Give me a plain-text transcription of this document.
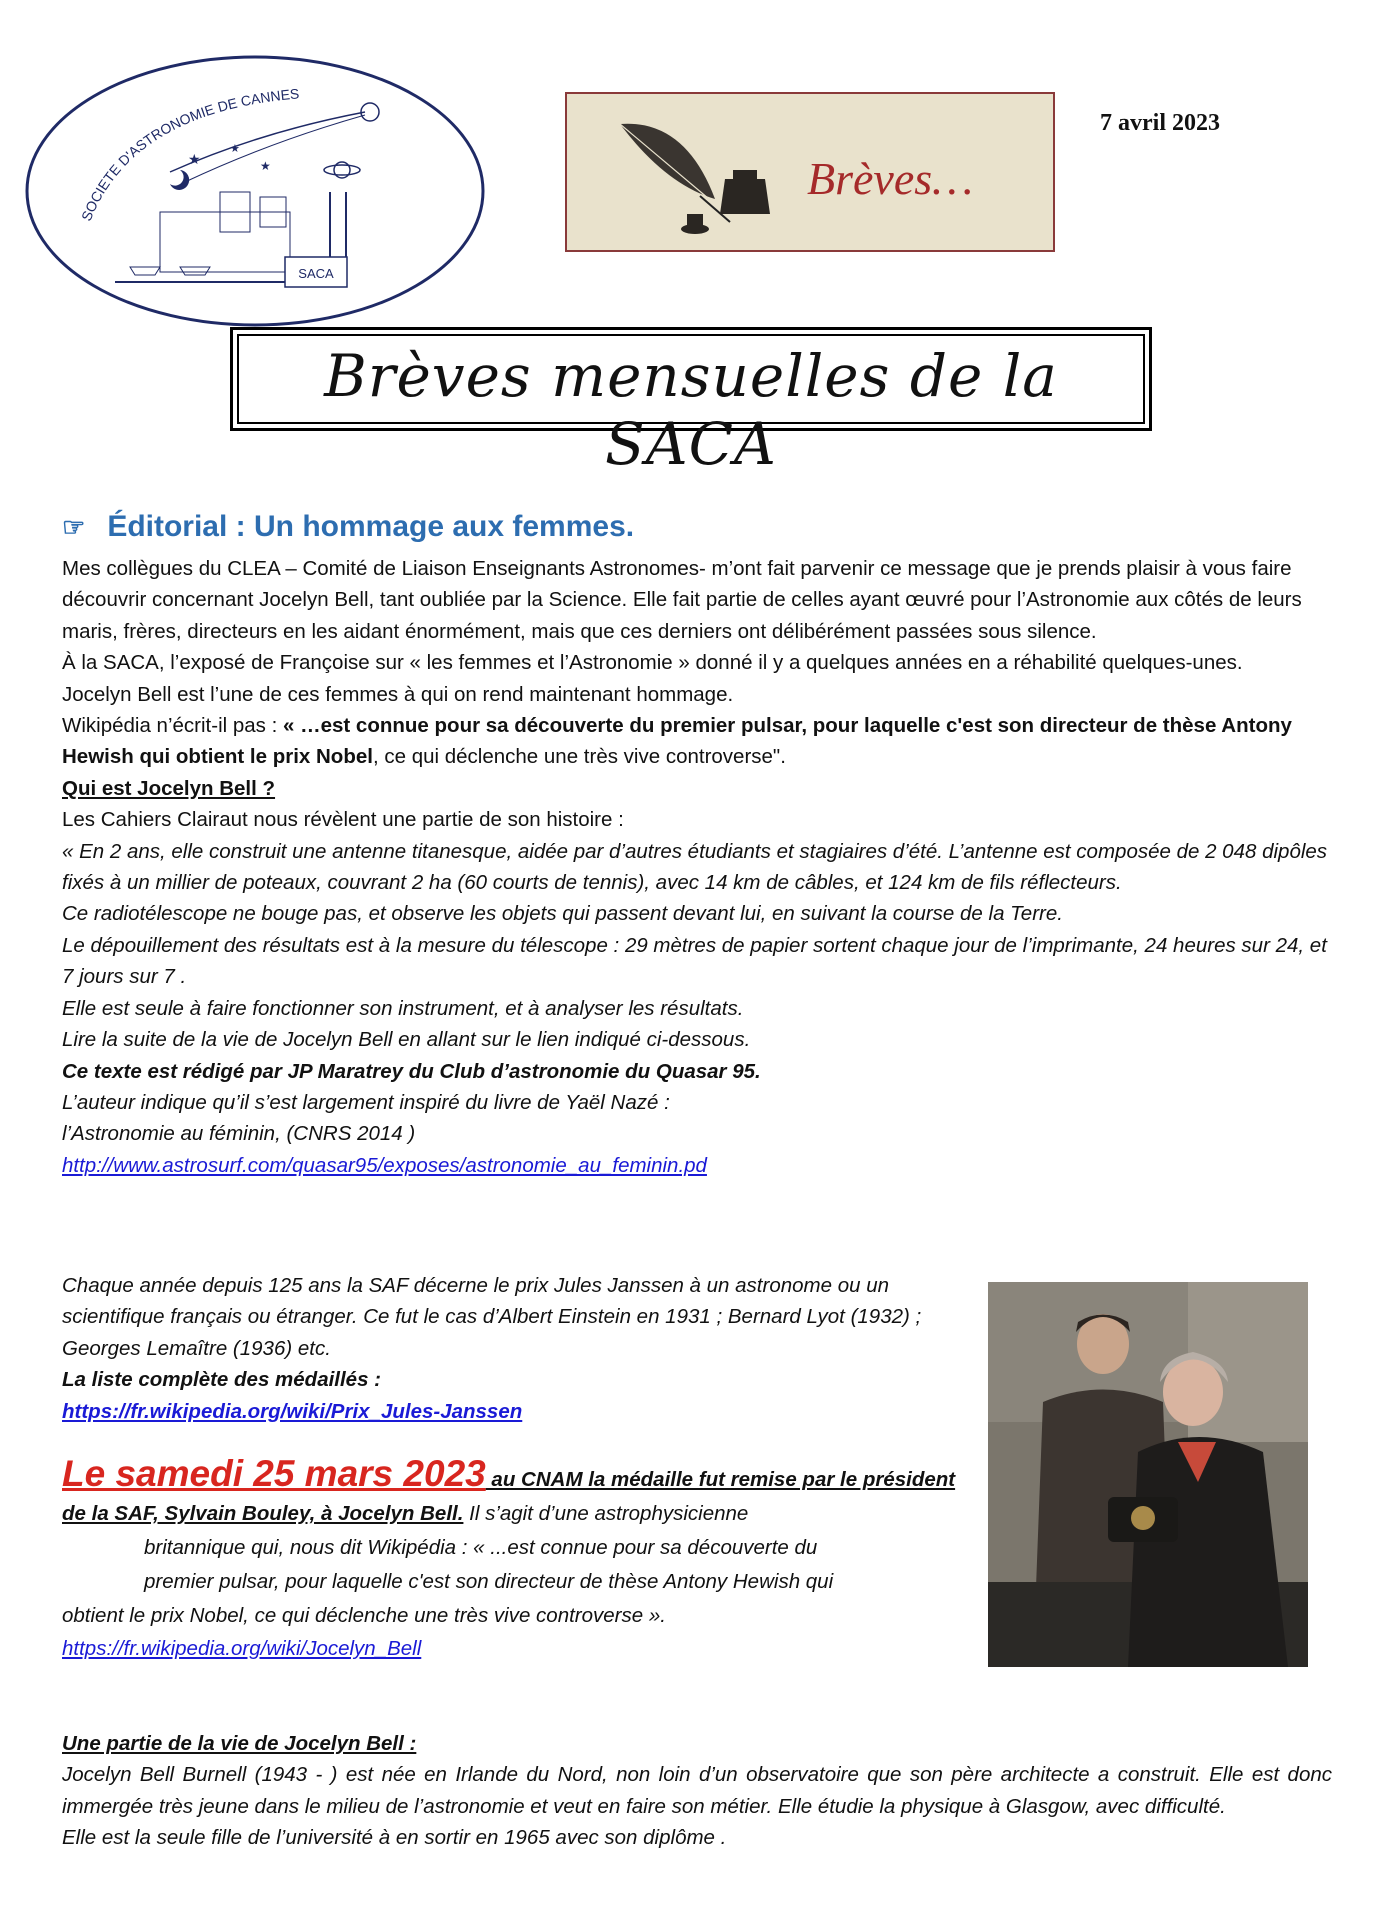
SOCIETE D'ASTRONOMIE DE CANNES
★
★
★
SACA
Brèves…
7 avril 2023
Brèves mensuelles de la SACA
☞ Éditorial : Un hommage aux femmes.
Mes collègues du CLEA – Comité de Liaison Enseignants Astronomes- m’ont fait parvenir ce message que je prends plaisir à vous faire découvrir concernant Jocelyn Bell, tant oubliée par la Science. Elle fait partie de celles ayant œuvré pour l’Astronomie aux côtés de leurs maris, frères, directeurs en les aidant énormément, mais que ces derniers ont délibérément passées sous silence.
À la SACA, l’exposé de Françoise sur « les femmes et l’Astronomie » donné il y a quelques années en a réhabilité quelques-unes.
Jocelyn Bell est l’une de ces femmes à qui on rend maintenant hommage.
Wikipédia n’écrit-il pas : « …est connue pour sa découverte du premier pulsar, pour laquelle c'est son directeur de thèse Antony Hewish qui obtient le prix Nobel, ce qui déclenche une très vive controverse".
Qui est Jocelyn Bell ?
Les Cahiers Clairaut nous révèlent une partie de son histoire :
« En 2 ans, elle construit une antenne titanesque, aidée par d’autres étudiants et stagiaires d’été. L’antenne est composée de 2 048 dipôles fixés à un millier de poteaux, couvrant 2 ha (60 courts de tennis), avec 14 km de câbles, et 124 km de fils réflecteurs.
Ce radiotélescope ne bouge pas, et observe les objets qui passent devant lui, en suivant la course de la Terre.
Le dépouillement des résultats est à la mesure du télescope : 29 mètres de papier sortent chaque jour de l’imprimante, 24 heures sur 24, et 7 jours sur 7 .
Elle est seule à faire fonctionner son instrument, et à analyser les résultats.
Lire la suite de la vie de Jocelyn Bell en allant sur le lien indiqué ci-dessous.
Ce texte est rédigé par JP Maratrey du Club d’astronomie du Quasar 95.
L’auteur indique qu’il s’est largement inspiré du livre de Yaël Nazé :
l’Astronomie au féminin, (CNRS 2014 )
http://www.astrosurf.com/quasar95/exposes/astronomie_au_feminin.pd
Chaque année depuis 125 ans la SAF décerne le prix Jules Janssen à un astronome ou un scientifique français ou étranger. Ce fut le cas d’Albert Einstein en 1931 ; Bernard Lyot (1932) ; Georges Lemaître (1936) etc.
La liste complète des médaillés :
https://fr.wikipedia.org/wiki/Prix_Jules-Janssen
Le samedi 25 mars 2023 au CNAM la médaille fut remise par le président de la SAF, Sylvain Bouley, à Jocelyn Bell. Il s’agit d’une astrophysicienne
britannique qui, nous dit Wikipédia : « ...est connue pour sa découverte du
premier pulsar, pour laquelle c'est son directeur de thèse Antony Hewish qui
obtient le prix Nobel, ce qui déclenche une très vive controverse ».
https://fr.wikipedia.org/wiki/Jocelyn_Bell
Une partie de la vie de Jocelyn Bell :
Jocelyn Bell Burnell (1943 - ) est née en Irlande du Nord, non loin d’un observatoire que son père architecte a construit. Elle est donc immergée très jeune dans le milieu de l’astronomie et veut en faire son métier. Elle étudie la physique à Glasgow, avec difficulté.
Elle est la seule fille de l’université à en sortir en 1965 avec son diplôme .
